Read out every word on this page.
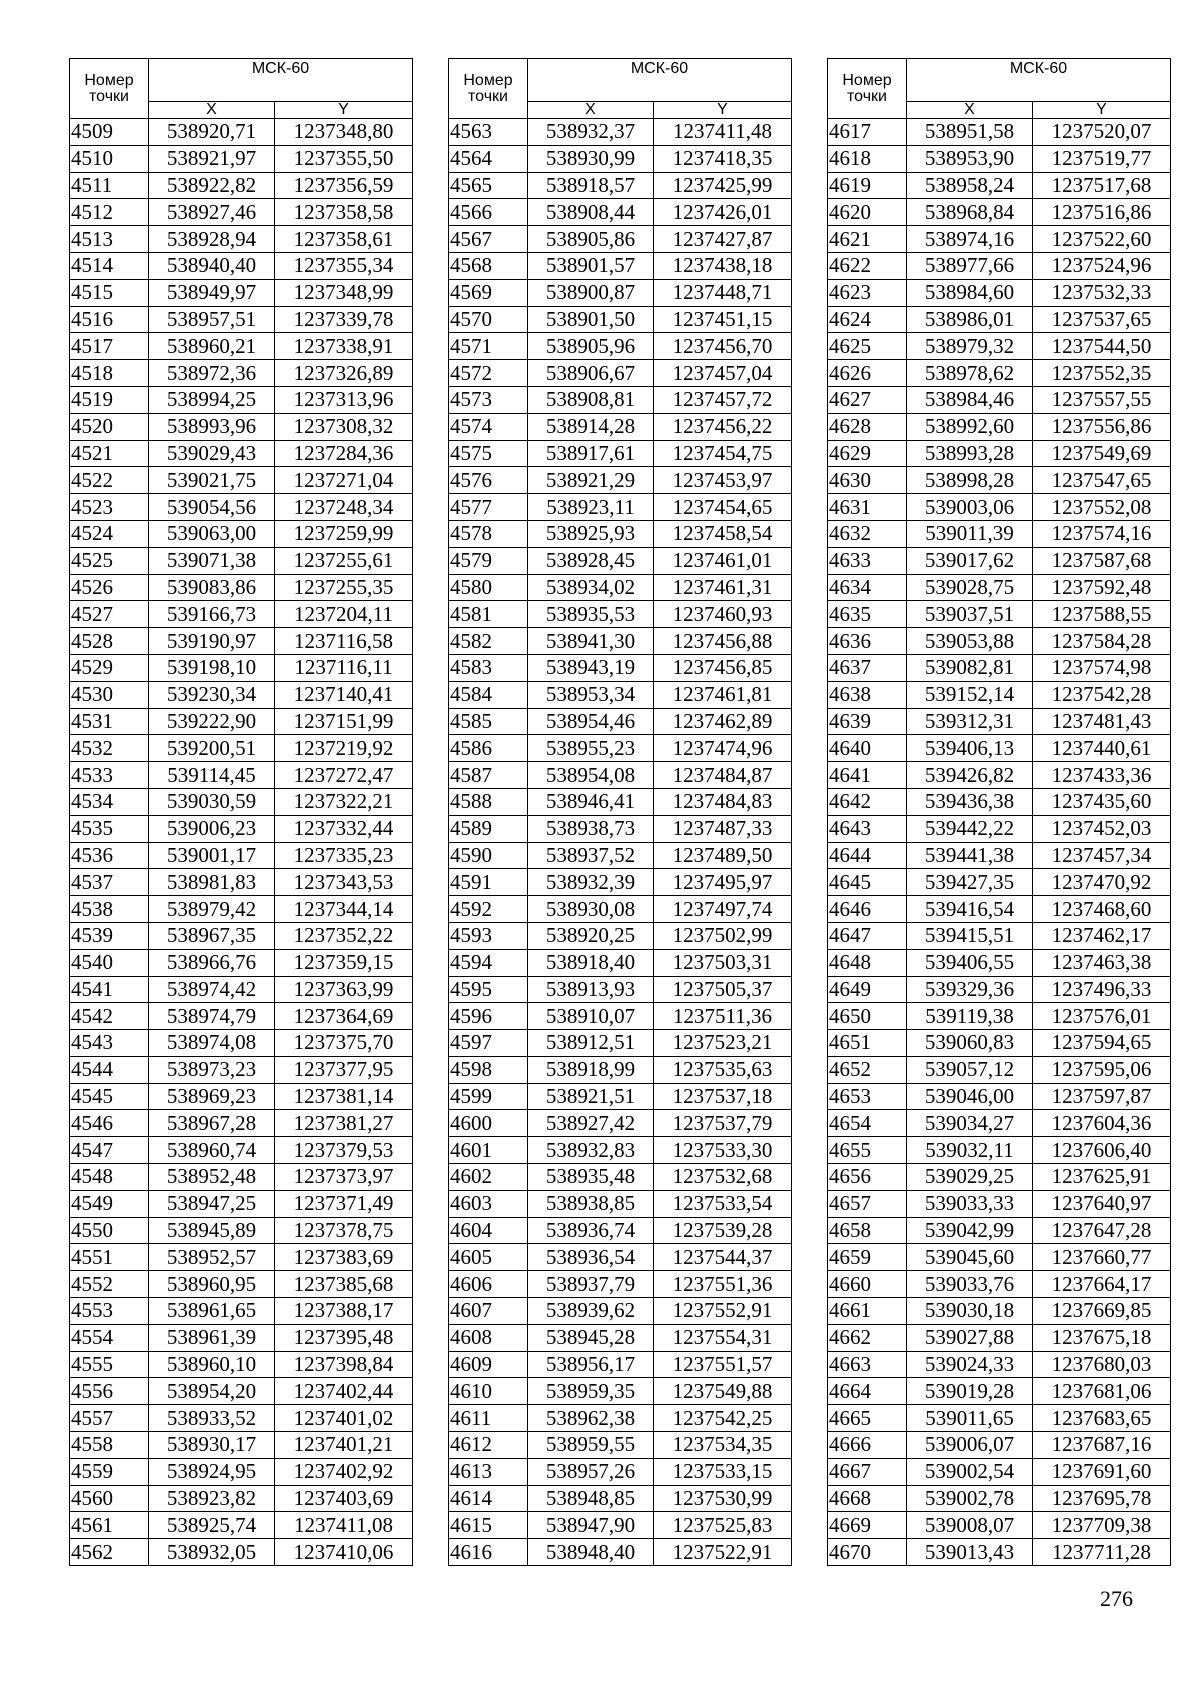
Номер
точки	МСК-60	
	X	Y
4509	538920,71	1237348,80
4510	538921,97	1237355,50
4511	538922,82	1237356,59
4512	538927,46	1237358,58
4513	538928,94	1237358,61
4514	538940,40	1237355,34
4515	538949,97	1237348,99
4516	538957,51	1237339,78
4517	538960,21	1237338,91
4518	538972,36	1237326,89
4519	538994,25	1237313,96
4520	538993,96	1237308,32
4521	539029,43	1237284,36
4522	539021,75	1237271,04
4523	539054,56	1237248,34
4524	539063,00	1237259,99
4525	539071,38	1237255,61
4526	539083,86	1237255,35
4527	539166,73	1237204,11
4528	539190,97	1237116,58
4529	539198,10	1237116,11
4530	539230,34	1237140,41
4531	539222,90	1237151,99
4532	539200,51	1237219,92
4533	539114,45	1237272,47
4534	539030,59	1237322,21
4535	539006,23	1237332,44
4536	539001,17	1237335,23
4537	538981,83	1237343,53
4538	538979,42	1237344,14
4539	538967,35	1237352,22
4540	538966,76	1237359,15
4541	538974,42	1237363,99
4542	538974,79	1237364,69
4543	538974,08	1237375,70
4544	538973,23	1237377,95
4545	538969,23	1237381,14
4546	538967,28	1237381,27
4547	538960,74	1237379,53
4548	538952,48	1237373,97
4549	538947,25	1237371,49
4550	538945,89	1237378,75
4551	538952,57	1237383,69
4552	538960,95	1237385,68
4553	538961,65	1237388,17
4554	538961,39	1237395,48
4555	538960,10	1237398,84
4556	538954,20	1237402,44
4557	538933,52	1237401,02
4558	538930,17	1237401,21
4559	538924,95	1237402,92
4560	538923,82	1237403,69
4561	538925,74	1237411,08
4562	538932,05	1237410,06
Номер
точки	МСК-60	
	X	Y
4563	538932,37	1237411,48
4564	538930,99	1237418,35
4565	538918,57	1237425,99
4566	538908,44	1237426,01
4567	538905,86	1237427,87
4568	538901,57	1237438,18
4569	538900,87	1237448,71
4570	538901,50	1237451,15
4571	538905,96	1237456,70
4572	538906,67	1237457,04
4573	538908,81	1237457,72
4574	538914,28	1237456,22
4575	538917,61	1237454,75
4576	538921,29	1237453,97
4577	538923,11	1237454,65
4578	538925,93	1237458,54
4579	538928,45	1237461,01
4580	538934,02	1237461,31
4581	538935,53	1237460,93
4582	538941,30	1237456,88
4583	538943,19	1237456,85
4584	538953,34	1237461,81
4585	538954,46	1237462,89
4586	538955,23	1237474,96
4587	538954,08	1237484,87
4588	538946,41	1237484,83
4589	538938,73	1237487,33
4590	538937,52	1237489,50
4591	538932,39	1237495,97
4592	538930,08	1237497,74
4593	538920,25	1237502,99
4594	538918,40	1237503,31
4595	538913,93	1237505,37
4596	538910,07	1237511,36
4597	538912,51	1237523,21
4598	538918,99	1237535,63
4599	538921,51	1237537,18
4600	538927,42	1237537,79
4601	538932,83	1237533,30
4602	538935,48	1237532,68
4603	538938,85	1237533,54
4604	538936,74	1237539,28
4605	538936,54	1237544,37
4606	538937,79	1237551,36
4607	538939,62	1237552,91
4608	538945,28	1237554,31
4609	538956,17	1237551,57
4610	538959,35	1237549,88
4611	538962,38	1237542,25
4612	538959,55	1237534,35
4613	538957,26	1237533,15
4614	538948,85	1237530,99
4615	538947,90	1237525,83
4616	538948,40	1237522,91
Номер
точки	МСК-60	
	X	Y
4617	538951,58	1237520,07
4618	538953,90	1237519,77
4619	538958,24	1237517,68
4620	538968,84	1237516,86
4621	538974,16	1237522,60
4622	538977,66	1237524,96
4623	538984,60	1237532,33
4624	538986,01	1237537,65
4625	538979,32	1237544,50
4626	538978,62	1237552,35
4627	538984,46	1237557,55
4628	538992,60	1237556,86
4629	538993,28	1237549,69
4630	538998,28	1237547,65
4631	539003,06	1237552,08
4632	539011,39	1237574,16
4633	539017,62	1237587,68
4634	539028,75	1237592,48
4635	539037,51	1237588,55
4636	539053,88	1237584,28
4637	539082,81	1237574,98
4638	539152,14	1237542,28
4639	539312,31	1237481,43
4640	539406,13	1237440,61
4641	539426,82	1237433,36
4642	539436,38	1237435,60
4643	539442,22	1237452,03
4644	539441,38	1237457,34
4645	539427,35	1237470,92
4646	539416,54	1237468,60
4647	539415,51	1237462,17
4648	539406,55	1237463,38
4649	539329,36	1237496,33
4650	539119,38	1237576,01
4651	539060,83	1237594,65
4652	539057,12	1237595,06
4653	539046,00	1237597,87
4654	539034,27	1237604,36
4655	539032,11	1237606,40
4656	539029,25	1237625,91
4657	539033,33	1237640,97
4658	539042,99	1237647,28
4659	539045,60	1237660,77
4660	539033,76	1237664,17
4661	539030,18	1237669,85
4662	539027,88	1237675,18
4663	539024,33	1237680,03
4664	539019,28	1237681,06
4665	539011,65	1237683,65
4666	539006,07	1237687,16
4667	539002,54	1237691,60
4668	539002,78	1237695,78
4669	539008,07	1237709,38
4670	539013,43	1237711,28
276
